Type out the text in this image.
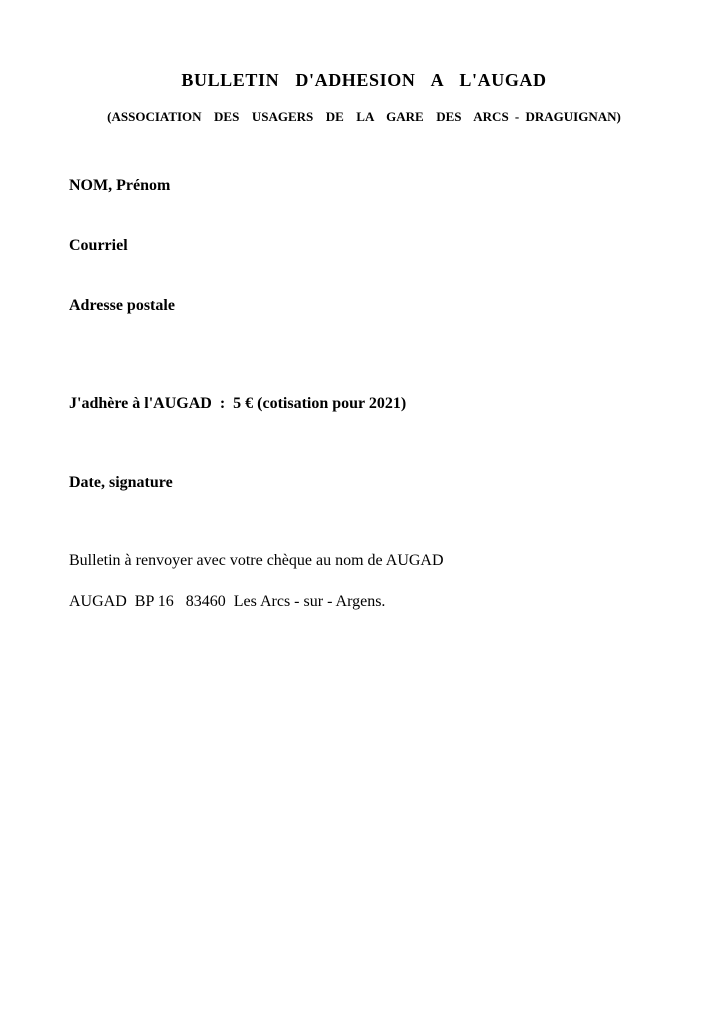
BULLETIN  D'ADHESION  A  L'AUGAD
(ASSOCIATION  DES  USAGERS  DE  LA  GARE  DES  ARCS - DRAGUIGNAN)
NOM, Prénom
Courriel
Adresse postale
J'adhère à l'AUGAD  :  5 € (cotisation pour 2021)
Date, signature
Bulletin à renvoyer avec votre chèque au nom de AUGAD
AUGAD  BP 16   83460  Les Arcs - sur - Argens.
